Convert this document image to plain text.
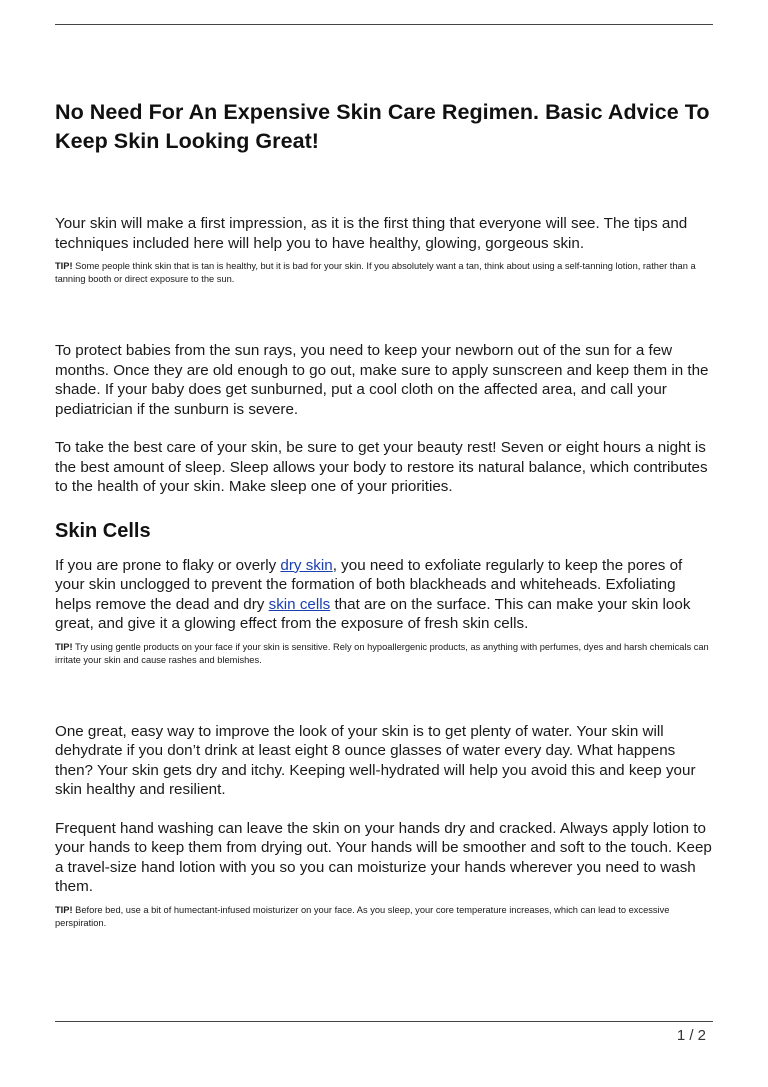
No Need For An Expensive Skin Care Regimen. Basic Advice To Keep Skin Looking Great!

Your skin will make a first impression, as it is the first thing that everyone will see. The tips and techniques included here will help you to have healthy, glowing, gorgeous skin.

TIP! Some people think skin that is tan is healthy, but it is bad for your skin. If you absolutely want a tan, think about using a self-tanning lotion, rather than a tanning booth or direct exposure to the sun.

To protect babies from the sun rays, you need to keep your newborn out of the sun for a few months. Once they are old enough to go out, make sure to apply sunscreen and keep them in the shade. If your baby does get sunburned, put a cool cloth on the affected area, and call your pediatrician if the sunburn is severe.

To take the best care of your skin, be sure to get your beauty rest! Seven or eight hours a night is the best amount of sleep. Sleep allows your body to restore its natural balance, which contributes to the health of your skin. Make sleep one of your priorities.

Skin Cells

If you are prone to flaky or overly dry skin, you need to exfoliate regularly to keep the pores of your skin unclogged to prevent the formation of both blackheads and whiteheads. Exfoliating helps remove the dead and dry skin cells that are on the surface. This can make your skin look great, and give it a glowing effect from the exposure of fresh skin cells.

TIP! Try using gentle products on your face if your skin is sensitive. Rely on hypoallergenic products, as anything with perfumes, dyes and harsh chemicals can irritate your skin and cause rashes and blemishes.

One great, easy way to improve the look of your skin is to get plenty of water. Your skin will dehydrate if you don’t drink at least eight 8 ounce glasses of water every day. What happens then? Your skin gets dry and itchy. Keeping well-hydrated will help you avoid this and keep your skin healthy and resilient.

Frequent hand washing can leave the skin on your hands dry and cracked. Always apply lotion to your hands to keep them from drying out. Your hands will be smoother and soft to the touch. Keep a travel-size hand lotion with you so you can moisturize your hands wherever you need to wash them.

TIP! Before bed, use a bit of humectant-infused moisturizer on your face. As you sleep, your core temperature increases, which can lead to excessive perspiration.

1 / 2
